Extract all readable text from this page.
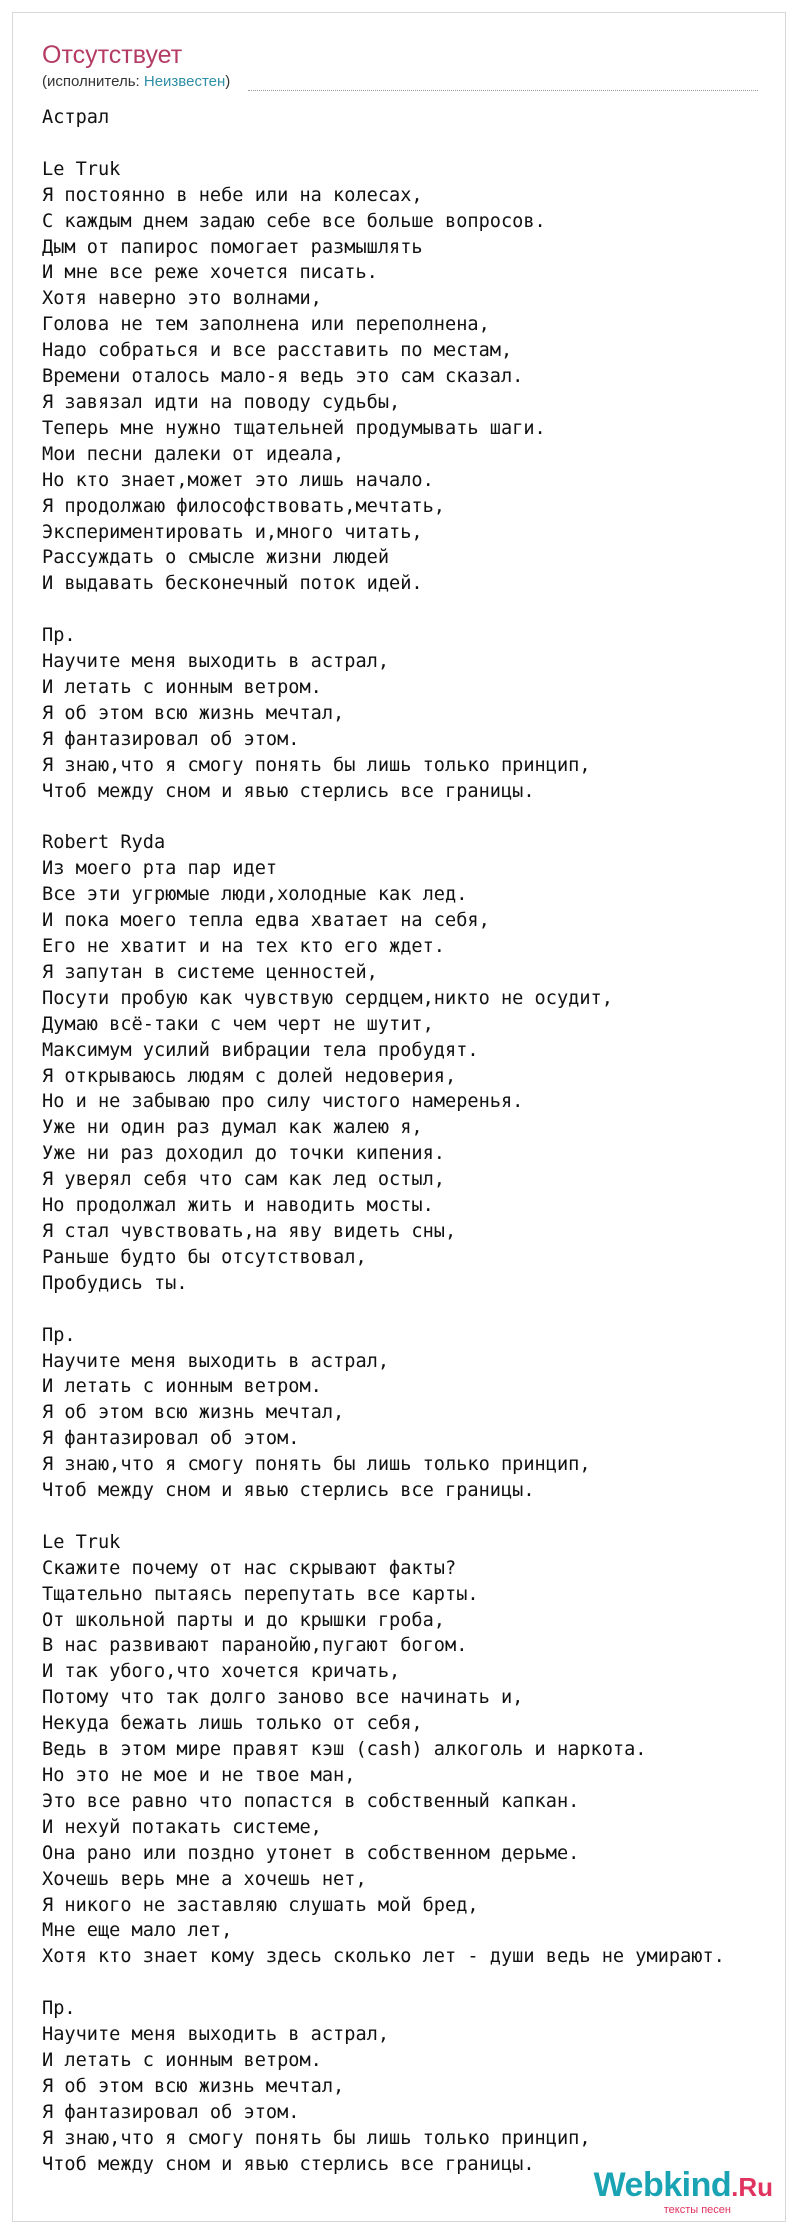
Отсутствует
(исполнитель: Неизвестен)
Астрал

Le Truk
Я постоянно в небе или на колесах,
С каждым днем задаю себе все больше вопросов.
Дым от папирос помогает размышлять
И мне все реже хочется писать.
Хотя наверно это волнами,
Голова не тем заполнена или переполнена,
Надо собраться и все расставить по местам,
Времени оталось мало-я ведь это сам сказал.
Я завязал идти на поводу судьбы,
Теперь мне нужно тщательней продумывать шаги.
Мои песни далеки от идеала,
Но кто знает,может это лишь начало.
Я продолжаю философствовать,мечтать,
Экспериментировать и,много читать,
Рассуждать о смысле жизни людей
И выдавать бесконечный поток идей.

Пр.
Научите меня выходить в астрал,
И летать с ионным ветром.
Я об этом всю жизнь мечтал,
Я фантазировал об этом.
Я знаю,что я смогу понять бы лишь только принцип,
Чтоб между сном и явью стерлись все границы.

Robert Ryda
Из моего рта пар идет
Все эти угрюмые люди,холодные как лед.
И пока моего тепла едва хватает на себя,
Его не хватит и на тех кто его ждет.
Я запутан в системе ценностей,
Посути пробую как чувствую сердцем,никто не осудит,
Думаю всё-таки с чем черт не шутит,
Максимум усилий вибрации тела пробудят.
Я открываюсь людям с долей недоверия,
Но и не забываю про силу чистого намеренья.
Уже ни один раз думал как жалею я,
Уже ни раз доходил до точки кипения.
Я уверял себя что сам как лед остыл,
Но продолжал жить и наводить мосты.
Я стал чувствовать,на яву видеть сны,
Раньше будто бы отсутствовал,
Пробудись ты.

Пр.
Научите меня выходить в астрал,
И летать с ионным ветром.
Я об этом всю жизнь мечтал,
Я фантазировал об этом.
Я знаю,что я смогу понять бы лишь только принцип,
Чтоб между сном и явью стерлись все границы.

Le Truk
Скажите почему от нас скрывают факты?
Тщательно пытаясь перепутать все карты.
От школьной парты и до крышки гроба,
В нас развивают паранойю,пугают богом.
И так убого,что хочется кричать,
Потому что так долго заново все начинать и,
Некуда бежать лишь только от себя,
Ведь в этом мире правят кэш (cash) алкоголь и наркота.
Но это не мое и не твое ман,
Это все равно что попастся в собственный капкан.
И нехуй потакать системе,
Она рано или поздно утонет в собственном дерьме.
Хочешь верь мне а хочешь нет,
Я никого не заставляю слушать мой бред,
Мне еще мало лет,
Хотя кто знает кому здесь сколько лет - души ведь не умирают.

Пр.
Научите меня выходить в астрал,
И летать с ионным ветром.
Я об этом всю жизнь мечтал,
Я фантазировал об этом.
Я знаю,что я смогу понять бы лишь только принцип,
Чтоб между сном и явью стерлись все границы.
Webkind.Ru
тексты песен
